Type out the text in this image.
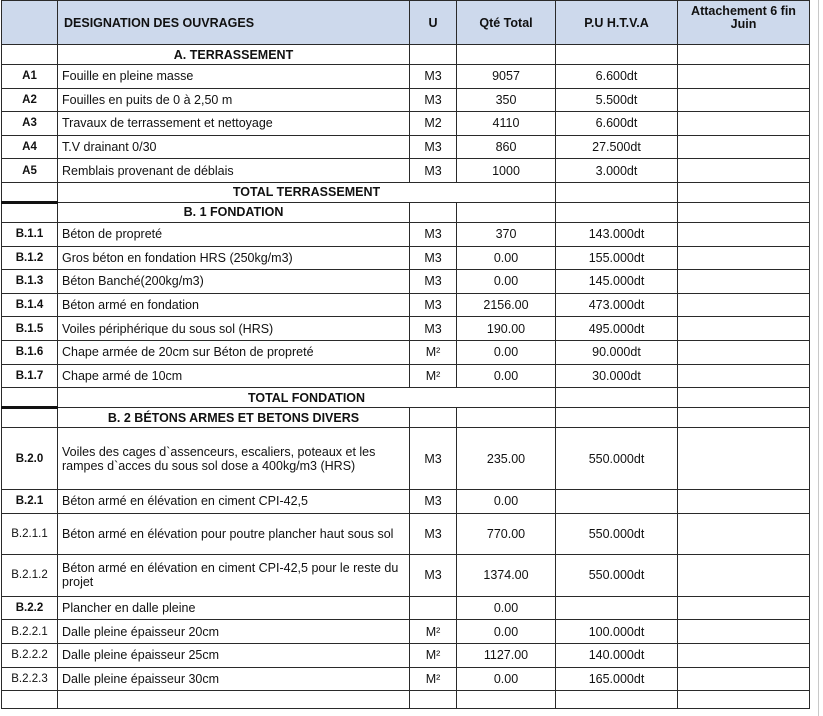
	DESIGNATION DES OUVRAGES	U	Qté Total	P.U H.T.V.A	Attachement 6 fin Juin
	A. TERRASSEMENT				
A1	Fouille en pleine masse	M3	9057	6.600dt	
A2	Fouilles en puits de 0 à 2,50 m	M3	350	5.500dt	
A3	Travaux de terrassement et nettoyage	M2	4110	6.600dt	
A4	T.V drainant 0/30	M3	860	27.500dt	
A5	Remblais provenant de déblais	M3	1000	3.000dt	
	TOTAL TERRASSEMENT				
	B. 1 FONDATION				
B.1.1	Béton de propreté	M3	370	143.000dt	
B.1.2	Gros béton en fondation HRS (250kg/m3)	M3	0.00	155.000dt	
B.1.3	Béton Banché(200kg/m3)	M3	0.00	145.000dt	
B.1.4	Béton armé en fondation	M3	2156.00	473.000dt	
B.1.5	Voiles périphérique du sous sol (HRS)	M3	190.00	495.000dt	
B.1.6	Chape armée de 20cm sur Béton de propreté	M²	0.00	90.000dt	
B.1.7	Chape armé de 10cm	M²	0.00	30.000dt	
	TOTAL FONDATION				
	B. 2 BÉTONS ARMES ET BETONS DIVERS				
B.2.0	Voiles des cages d`assenceurs, escaliers, poteaux et les rampes d`acces du sous sol dose a 400kg/m3 (HRS)	M3	235.00	550.000dt	
B.2.1	Béton armé en élévation en ciment CPI-42,5	M3	0.00		
B.2.1.1	Béton armé en élévation pour poutre plancher haut sous sol	M3	770.00	550.000dt	
B.2.1.2	Béton armé en élévation en ciment CPI-42,5 pour le reste du projet	M3	1374.00	550.000dt	
B.2.2	Plancher en dalle pleine		0.00		
B.2.2.1	Dalle pleine épaisseur 20cm	M²	0.00	100.000dt	
B.2.2.2	Dalle pleine épaisseur 25cm	M²	1127.00	140.000dt	
B.2.2.3	Dalle pleine épaisseur 30cm	M²	0.00	165.000dt	
